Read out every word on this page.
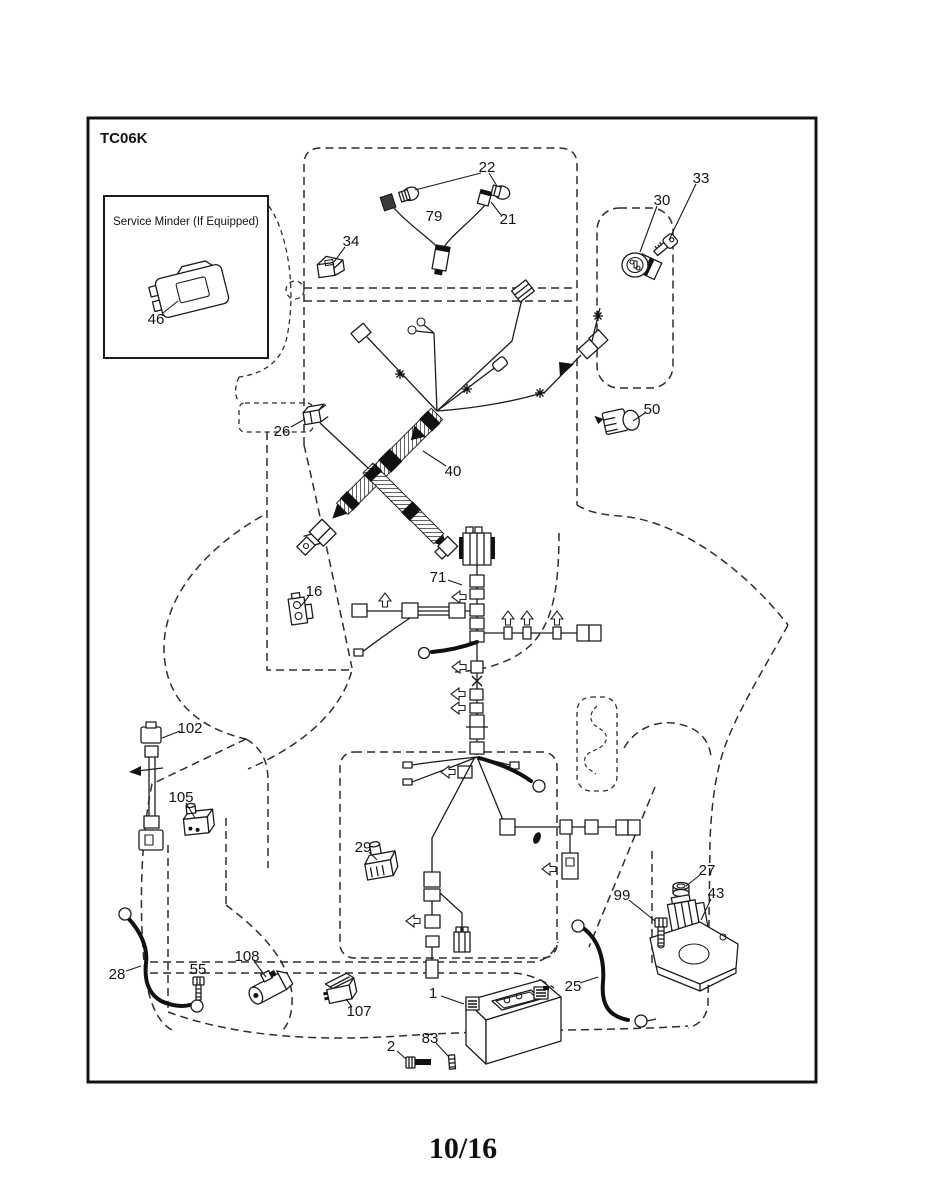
22
79	21
34
33
30
46
26
40
50
16
71
102
105
29
27
43
99
25
28	55
108
107
1
2 83
TC06K
Service Minder (If Equipped)
10/16
